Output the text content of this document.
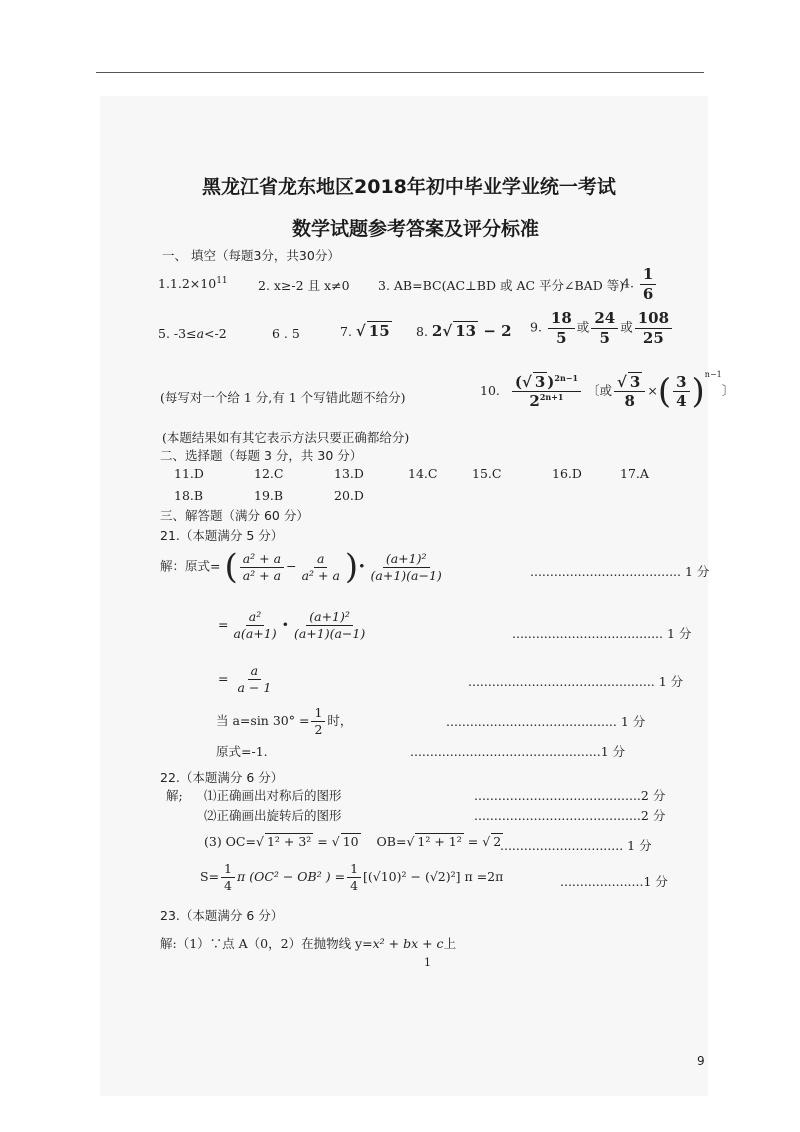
黑龙江省龙东地区2018年初中毕业学业统一考试
数学试题参考答案及评分标准
一、 填空（每题3分，共30分）
$1.1.2\times 10^{11}$ 2. x≥-2 且 x≠0 3. AB=BC(AC⊥BD 或 AC 平分∠BAD 等)
4. $\frac{1}{6}$
5. -3≤a<-2	6 . 5	7. √ 15 8. 2√ 13 − 2 9. $\frac{18}{5}$ 或 $\frac{24}{5}$ 或 $\frac{108}{25}$
(每写对一个给 1 分,有 1 个写错此题不给分)	10. $\frac{(√ 3 )^{2n-1}}{2^{2n+1}}$ 〔或 $\frac{√ 3}{8}$ ×( $\frac{3}{4} )^{n-1}$〕
(本题结果如有其它表示方法只要正确都给分)
二、选择题（每题 3 分，共 30 分）
11.D	12.C	13.D	14.C	15.C	16.D	17.A
18.B	19.B	20.D
三、解答题（满分 60 分）
21.（本题满分 5 分）
解：原式= ( $\frac{\text{a² + a}}{\text{a² + a}} - \frac{a}{\text{a² + a}}$ )• $\frac{\text{(a+1)²}}{(a+1)(a-1)}$	...................................... 1 分
= $\frac{\text{a²}}{a(a+1)}$ • $\frac{\text{(a+1)²}}{(a+1)(a-1)}$	...................................... 1 分
= $\frac{a}{a - 1}$	............................................... 1 分
当 a=sin $30^\circ = \frac{1}{2}$ 时，	........................................... 1 分
原式=-1.	................................................1 分
22.（本题满分 6 分）
解; ⑴正确画出对称后的图形	..........................................2 分
⑵正确画出旋转后的图形	..........................................2 分
(3) OC=√ 1² + 3² = √ 10 OB=√ 1² + 1² = √ 2
............................... 1 分
$S= \frac{1}{4}$ π (OC² − OB² ) = $\frac{1}{4} [(√10)^2 - (√2)^2]$ π =2π	.....................1 分
23.（本题满分 6 分）
解:（1）∵点 A（0，2）在抛物线 y=x² + bx + c上
1
9
